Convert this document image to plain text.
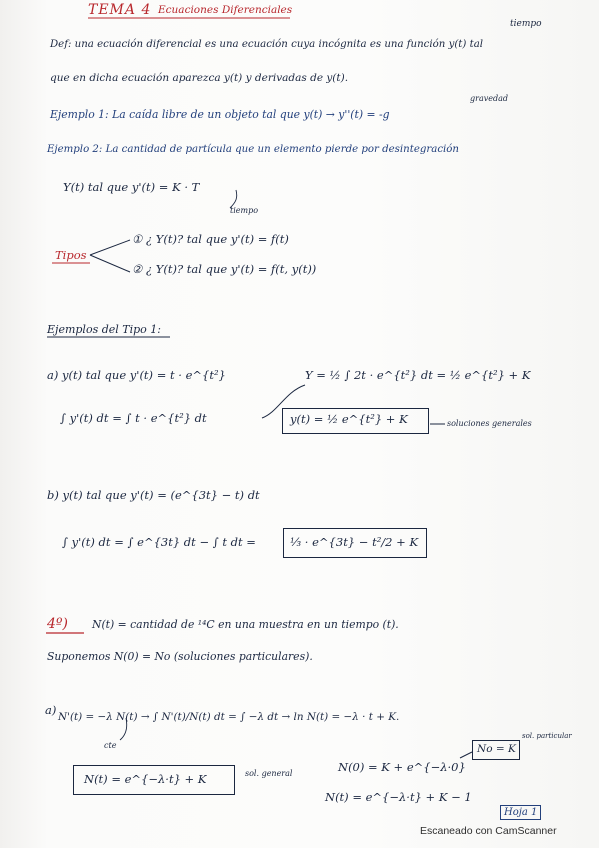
TEMA 4 Ecuaciones Diferenciales
tiempo
Def: una ecuación diferencial es una ecuación cuya incógnita es una función y(t) tal
que en dicha ecuación aparezca y(t) y derivadas de y(t).
Ejemplo 1: La caída libre de un objeto tal que y(t) → y''(t) = -g
gravedad
Ejemplo 2: La cantidad de partícula que un elemento pierde por desintegración
Y(t) tal que y'(t) = K · T
tiempo
Tipos
① ¿ Y(t)? tal que y'(t) = f(t)
② ¿ Y(t)? tal que y'(t) = f(t, y(t))
Ejemplos del Tipo 1:
a) y(t) tal que y'(t) = t · e^{t²}	Y = ½ ∫ 2t · e^{t²} dt = ½ e^{t²} + K
∫ y'(t) dt = ∫ t · e^{t²} dt	y(t) = ½ e^{t²} + K	soluciones generales
b) y(t) tal que y'(t) = (e^{3t} − t) dt
∫ y'(t) dt = ∫ e^{3t} dt − ∫ t dt =	⅓ · e^{3t} − t²/2 + K
4º) N(t) = cantidad de ¹⁴C en una muestra en un tiempo (t).
Suponemos N(0) = No (soluciones particulares).
a) N'(t) = −λ N(t) → ∫ N'(t)/N(t) dt = ∫ −λ dt → ln N(t) = −λ · t + K.
cte
N(t) = e^{−λ·t} + K	sol. general	N(0) = K + e^{−λ·0}
No = K
sol. particular
N(t) = e^{−λ·t} + K − 1
Hoja 1
Escaneado con CamScanner
